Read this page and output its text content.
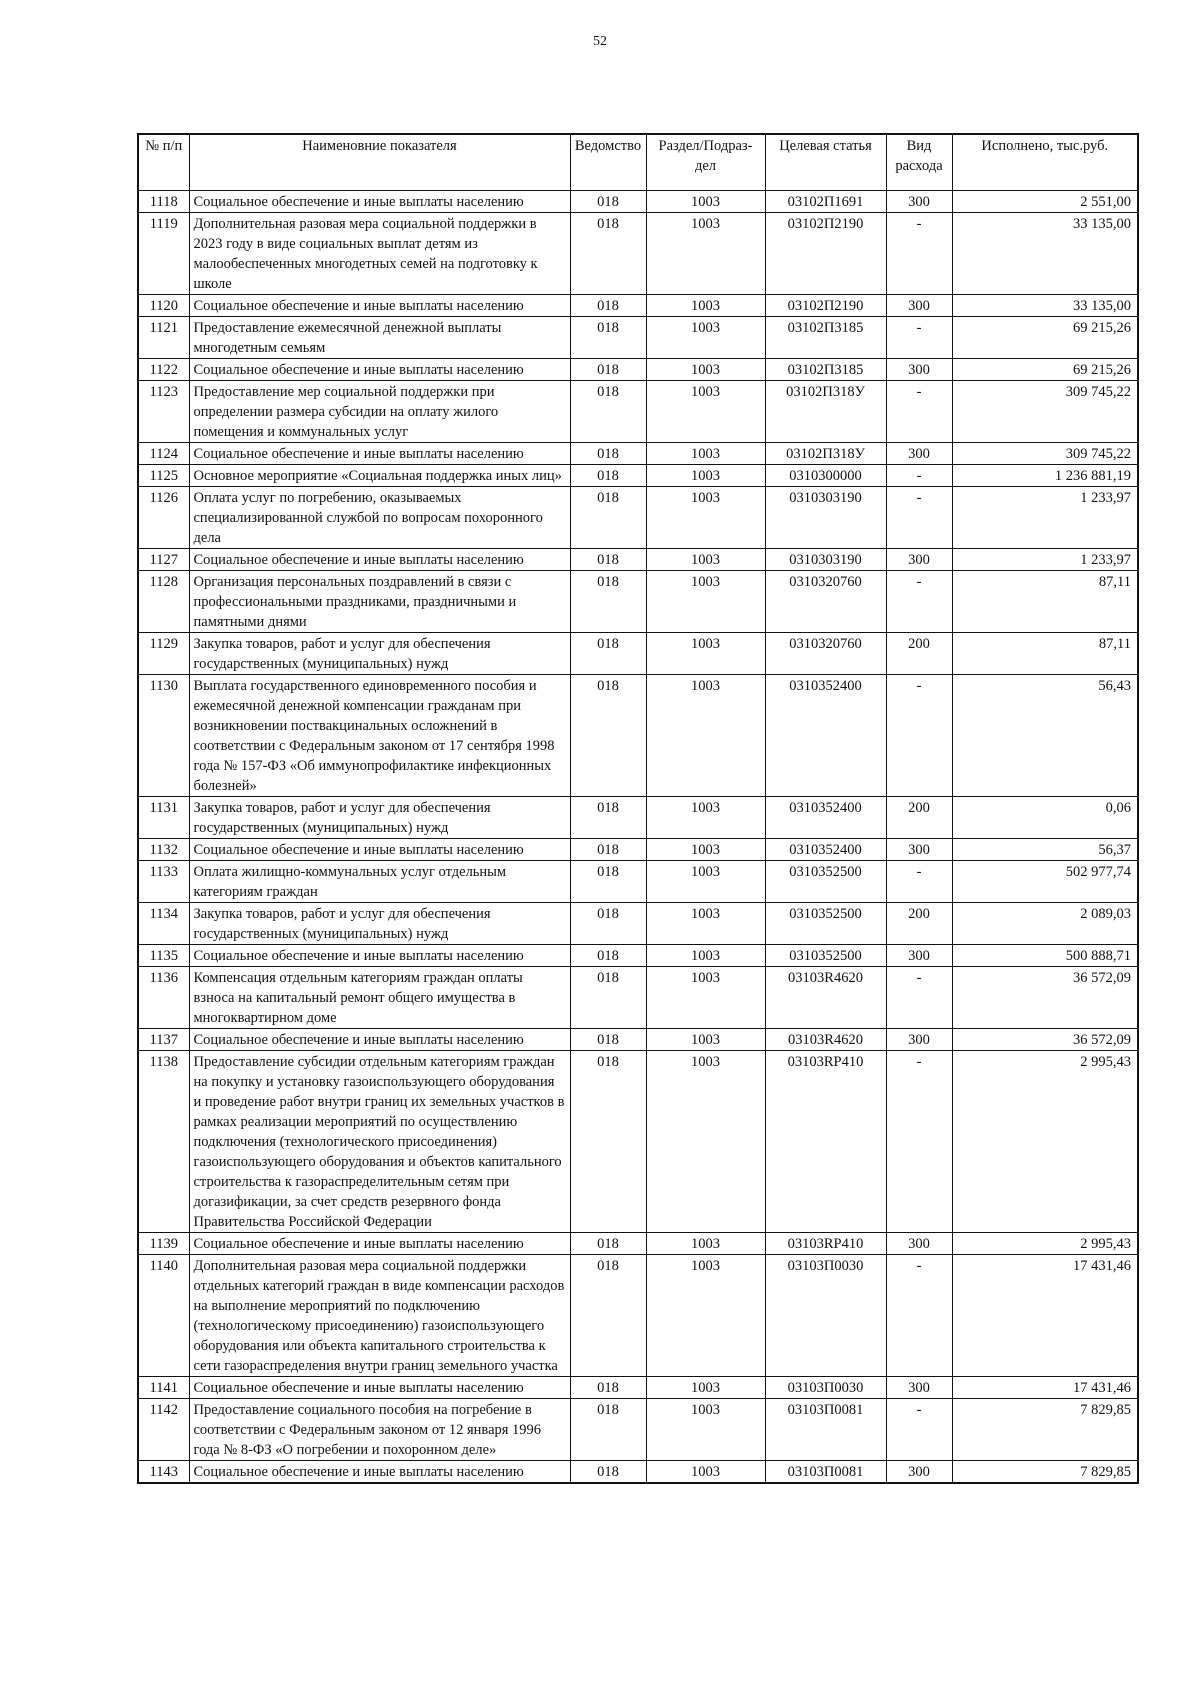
52
№ п/п	Наименовние показателя	Ведомство	Раздел/Подраз-дел	Целевая статья	Вид расхода	Исполнено, тыс.руб.
1118	Социальное обеспечение и иные выплаты населению	018	1003	03102П1691	300	2 551,00
1119	Дополнительная разовая мера социальной поддержки в 2023 году в виде социальных выплат детям из малообеспеченных многодетных семей на подготовку к школе	018	1003	03102П2190	-	33 135,00
1120	Социальное обеспечение и иные выплаты населению	018	1003	03102П2190	300	33 135,00
1121	Предоставление ежемесячной денежной выплаты многодетным семьям	018	1003	03102П3185	-	69 215,26
1122	Социальное обеспечение и иные выплаты населению	018	1003	03102П3185	300	69 215,26
1123	Предоставление мер социальной поддержки при определении размера субсидии на оплату жилого помещения и коммунальных услуг	018	1003	03102П318У	-	309 745,22
1124	Социальное обеспечение и иные выплаты населению	018	1003	03102П318У	300	309 745,22
1125	Основное мероприятие «Социальная поддержка иных лиц»	018	1003	0310300000	-	1 236 881,19
1126	Оплата услуг по погребению, оказываемых специализированной службой по вопросам похоронного дела	018	1003	0310303190	-	1 233,97
1127	Социальное обеспечение и иные выплаты населению	018	1003	0310303190	300	1 233,97
1128	Организация персональных поздравлений в связи с профессиональными праздниками, праздничными и памятными днями	018	1003	0310320760	-	87,11
1129	Закупка товаров, работ и услуг для обеспечения государственных (муниципальных) нужд	018	1003	0310320760	200	87,11
1130	Выплата государственного единовременного пособия и ежемесячной денежной компенсации гражданам при возникновении поствакцинальных осложнений в соответствии с Федеральным законом от 17 сентября 1998 года № 157-ФЗ «Об иммунопрофилактике инфекционных болезней»	018	1003	0310352400	-	56,43
1131	Закупка товаров, работ и услуг для обеспечения государственных (муниципальных) нужд	018	1003	0310352400	200	0,06
1132	Социальное обеспечение и иные выплаты населению	018	1003	0310352400	300	56,37
1133	Оплата жилищно-коммунальных услуг отдельным категориям граждан	018	1003	0310352500	-	502 977,74
1134	Закупка товаров, работ и услуг для обеспечения государственных (муниципальных) нужд	018	1003	0310352500	200	2 089,03
1135	Социальное обеспечение и иные выплаты населению	018	1003	0310352500	300	500 888,71
1136	Компенсация отдельным категориям граждан оплаты взноса на капитальный ремонт общего имущества в многоквартирном доме	018	1003	03103R4620	-	36 572,09
1137	Социальное обеспечение и иные выплаты населению	018	1003	03103R4620	300	36 572,09
1138	Предоставление субсидии отдельным категориям граждан на покупку и установку газоиспользующего оборудования и проведение работ внутри границ их земельных участков в рамках реализации мероприятий по осуществлению подключения (технологического присоединения) газоиспользующего оборудования и объектов капитального строительства к газораспределительным сетям при догазификации, за счет средств резервного фонда Правительства Российской Федерации	018	1003	03103RP410	-	2 995,43
1139	Социальное обеспечение и иные выплаты населению	018	1003	03103RP410	300	2 995,43
1140	Дополнительная разовая мера социальной поддержки отдельных категорий граждан в виде компенсации расходов на выполнение мероприятий по подключению (технологическому присоединению) газоиспользующего оборудования или объекта капитального строительства к сети газораспределения внутри границ земельного участка	018	1003	03103П0030	-	17 431,46
1141	Социальное обеспечение и иные выплаты населению	018	1003	03103П0030	300	17 431,46
1142	Предоставление социального пособия на погребение в соответствии с Федеральным законом от 12 января 1996 года № 8-ФЗ «О погребении и похоронном деле»	018	1003	03103П0081	-	7 829,85
1143	Социальное обеспечение и иные выплаты населению	018	1003	03103П0081	300	7 829,85
